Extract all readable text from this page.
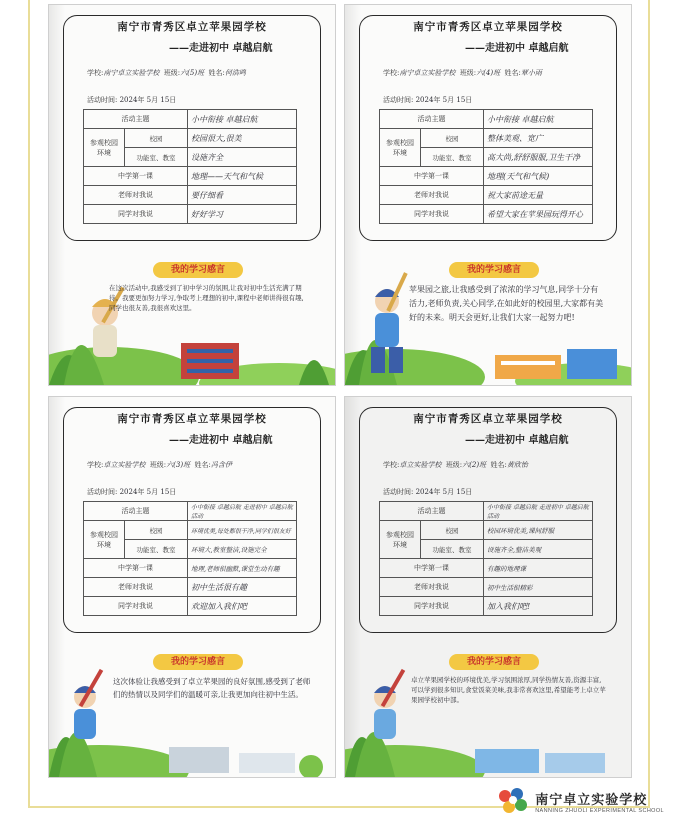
南宁市青秀区卓立苹果园学校
——走进初中 卓越启航
学校:南宁卓立实验学校 班级:六(5)班 姓名:何浩鸣
活动时间: 2024年 5月 15日
活动主题		小中衔接 卓越启航
参观校园环境	校园	校园很大,很美
	功能室、教室	设施齐全
中学第一课		地理——天气和气候
老师对我说		要仔细看
同学对我说		好好学习
我的学习感言
在这次活动中,我感受到了初中学习的氛围,让我对初中生活充满了期待。我要更加努力学习,争取考上理想的初中,课程中老师讲得很有趣,同学也很友善,我很喜欢这里。
南宁市青秀区卓立苹果园学校
——走进初中 卓越启航
学校:南宁卓立实验学校 班级:六(4)班 姓名:覃小雨
活动时间: 2024年 5月 15日
活动主题		小中衔接 卓越启航
参观校园环境	校园	整体美观、宽广
	功能室、教室	高大尚,舒舒服服,卫生干净
中学第一课		地理(天气和气候)
老师对我说		祝大家前途无量
同学对我说		希望大家在苹果园玩得开心
我的学习感言
苹果园之旅,让我感受到了浓浓的学习气息,同学十分有活力,老师负责,关心同学,在如此好的校园里,大家都有美好的未来。明天会更好,让我们大家一起努力吧!
南宁市青秀区卓立苹果园学校
——走进初中 卓越启航
学校:卓立实验学校 班级:六(3)班 姓名:冯含伊
活动时间: 2024年 5月 15日
活动主题		小中衔接 卓越启航 走进初中 卓越启航活动
参观校园环境	校园	环境优美,每处都很干净,同学们很友好
	功能室、教室	环境大,教室整洁,设施完全
中学第一课		地理,老师很幽默,课堂生动有趣
老师对我说		初中生活很有趣
同学对我说		欢迎加入我们吧
我的学习感言
这次体验让我感受到了卓立苹果园的良好氛围,感受到了老师们的热情以及同学们的温暖可亲,让我更加向往初中生活。
南宁市青秀区卓立苹果园学校
——走进初中 卓越启航
学校:卓立实验学校 班级:六(2)班 姓名:黄欣怡
活动时间: 2024年 5月 15日
活动主题		小中衔接 卓越启航 走进初中 卓越启航活动
参观校园环境	校园	校园环境优美,课间舒服
	功能室、教室	设施齐全,整洁美观
中学第一课		有趣的地理课
老师对我说		初中生活很精彩
同学对我说		加入我们吧!
我的学习感言
卓立苹果园学校的环境优美,学习氛围浓厚,同学热情友善,资源丰富,可以学到很多知识,食堂饭菜美味,我非常喜欢这里,希望能考上卓立苹果园学校初中部。
南宁卓立实验学校
NANNING ZHUOLI EXPERIMENTAL SCHOOL
